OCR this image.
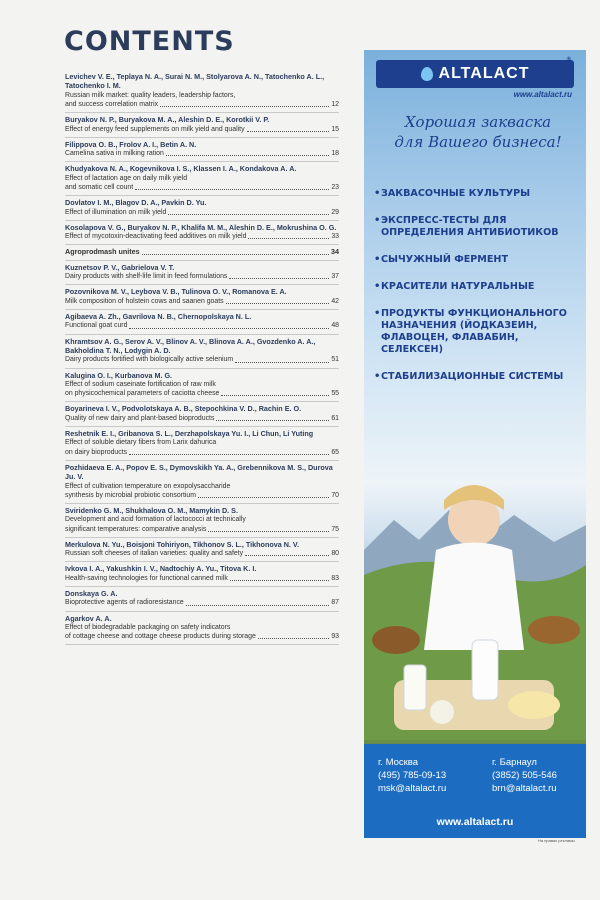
CONTENTS
Levichev V. E., Teplaya N. A., Surai N. M., Stolyarova A. N., Tatochenko A. L., Tatochenko I. M.
Russian milk market: quality leaders, leadership factors,
and success correlation matrix	12
Buryakov N. P., Buryakova M. A., Aleshin D. E., Korotkii V. P.
Effect of energy feed supplements on milk yield and quality	15
Filippova O. B., Frolov A. I., Betin A. N.
Camelina sativa in milking ration	18
Khudyakova N. A., Kogevnikova I. S., Klassen I. A., Kondakova A. A.
Effect of lactation age on daily milk yield
and somatic cell count	23
Dovlatov I. M., Blagov D. A., Pavkin D. Yu.
Effect of illumination on milk yield	29
Kosolapova V. G., Buryakov N. P., Khalifa M. M., Aleshin D. E., Mokrushina O. G.
Effect of mycotoxin-deactivating feed additives on milk yield	33
Agroprodmash unites	34
Kuznetsov P. V., Gabrielova V. T.
Dairy products with shelf-life limit in feed formulations	37
Pozovnikova M. V., Leybova V. B., Tulinova O. V., Romanova E. A.
Milk composition of holstein cows and saanen goats	42
Agibaeva A. Zh., Gavrilova N. B., Chernopolskaya N. L.
Functional goat curd	48
Khramtsov A. G., Serov A. V., Blinov A. V., Blinova A. A., Gvozdenko A. A., Bakholdina T. N., Lodygin A. D.
Dairy products fortified with biologically active selenium	51
Kalugina O. I., Kurbanova M. G.
Effect of sodium caseinate fortification of raw milk
on physicochemical parameters of caciotta cheese	55
Boyarineva I. V., Podvolotskaya A. B., Stepochkina V. D., Rachin E. O.
Quality of new dairy and plant-based bioproducts	61
Reshetnik E. I., Gribanova S. L., Derzhapolskaya Yu. I., Li Chun, Li Yuting
Effect of soluble dietary fibers from Larix dahurica
on dairy bioproducts	65
Pozhidaeva E. A., Popov E. S., Dymovskikh Ya. A., Grebennikova M. S., Durova Ju. V.
Effect of cultivation temperature on exopolysaccharide
synthesis by microbial probiotic consortium	70
Sviridenko G. M., Shukhalova O. M., Mamykin D. S.
Development and acid formation of lactococci at technically
significant temperatures: comparative analysis	75
Merkulova N. Yu., Boisjoni Tohiriyon, Tikhonov S. L., Tikhonova N. V.
Russian soft cheeses of italian varieties: quality and safety	80
Ivkova I. A., Yakushkin I. V., Nadtochiy A. Yu., Titova K. I.
Health-saving technologies for functional canned milk	83
Donskaya G. A.
Bioprotective agents of radioresistance	87
Agarkov A. A.
Effect of biodegradable packaging on safety indicators
of cottage cheese and cottage cheese products during storage	93
ALTALACT
®
www.altalact.ru
Хорошая закваска
для Вашего бизнеса!
• ЗАКВАСОЧНЫЕ КУЛЬТУРЫ
• ЭКСПРЕСС-ТЕСТЫ ДЛЯ ОПРЕДЕЛЕНИЯ АНТИБИОТИКОВ
• СЫЧУЖНЫЙ ФЕРМЕНТ
• КРАСИТЕЛИ НАТУРАЛЬНЫЕ
• ПРОДУКТЫ ФУНКЦИОНАЛЬНОГО НАЗНАЧЕНИЯ (ЙОДКАЗЕИН, ФЛАВОЦЕН, ФЛАВАБИН, СЕЛЕКСЕН)
• СТАБИЛИЗАЦИОННЫЕ СИСТЕМЫ
г. Москва
(495) 785-09-13
msk@altalact.ru
г. Барнаул
(3852) 505-546
brn@altalact.ru
www.altalact.ru
На правах рекламы
